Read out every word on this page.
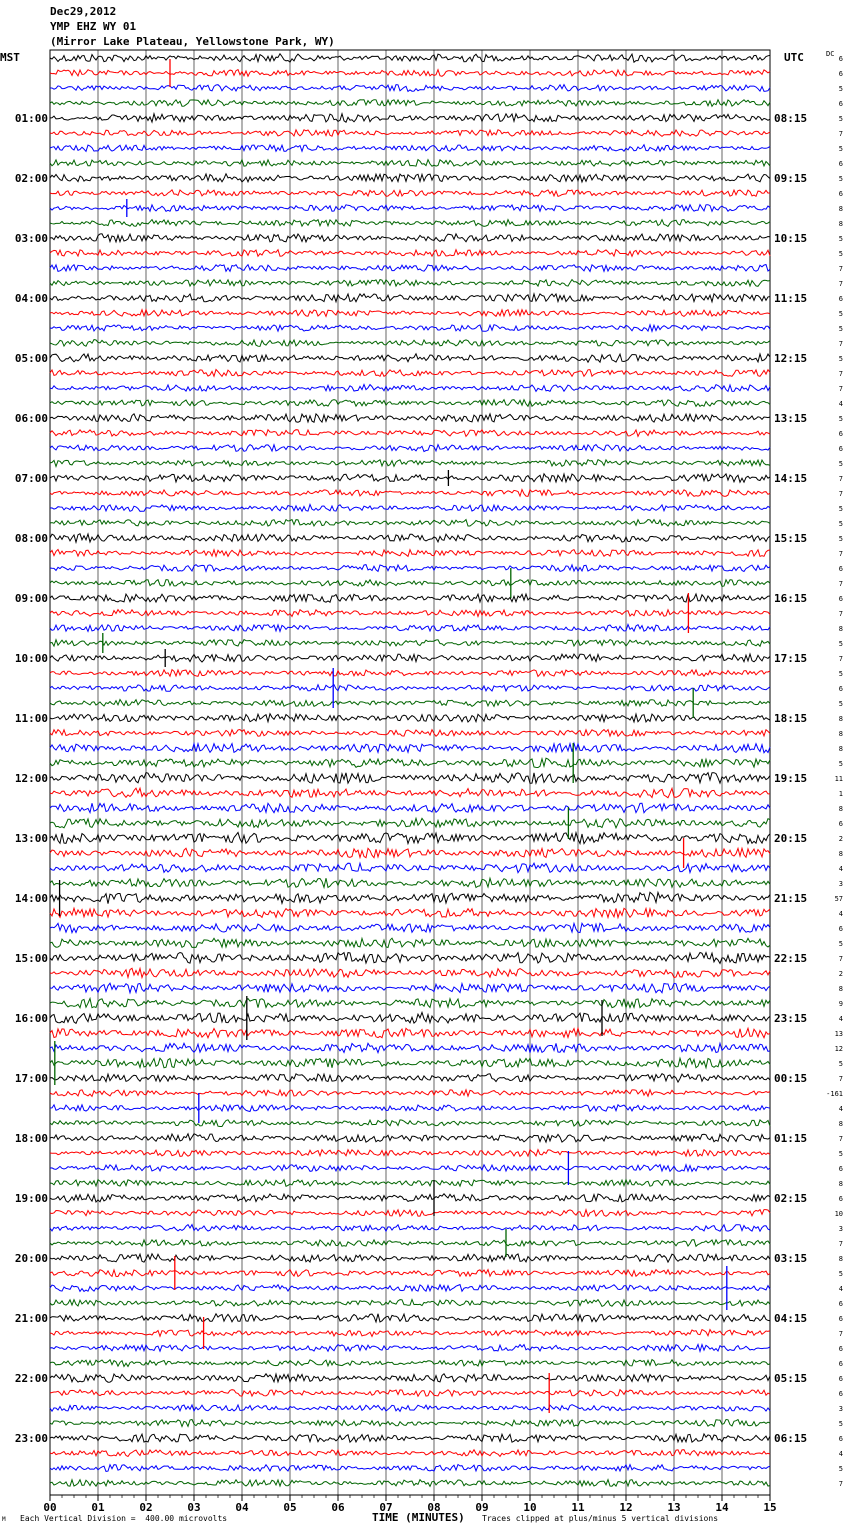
Dec29,2012
YMP EHZ WY 01
(Mirror Lake Plateau, Yellowstone Park, WY)
6
6
5
6
5
7
5
6
5
6
8
8
5
5
7
7
6
5
5
7
5
7
7
4
5
6
6
5
7
7
5
5
5
7
6
7
6
7
8
5
7
5
6
5
8
8
8
5
11
1
8
6
2
8
4
3
57
4
6
5
7
2
8
9
4
13
12
5
7
-161
4
8
7
5
6
8
6
10
3
7
8
5
4
6
6
7
6
6
6
6
3
5
6
4
5
7
MST	UTC	DC
01:00
02:00
03:00
04:00
05:00
06:00
07:00
08:00
09:00
10:00
11:00
12:00
13:00
14:00
15:00
16:00
17:00
18:00
19:00
20:00
21:00
22:00
23:00
08:15
09:15
10:15
11:15
12:15
13:15
14:15
15:15
16:15
17:15
18:15
19:15
20:15
21:15
22:15
23:15
00:15
01:15
02:15
03:15
04:15
05:15
06:15
00	01	02	03	04	05	06	07	08	09	10	11	12	13	14	15
M Each Vertical Division =  400.00 microvolts	TIME (MINUTES) Traces clipped at plus/minus 5 vertical divisions
